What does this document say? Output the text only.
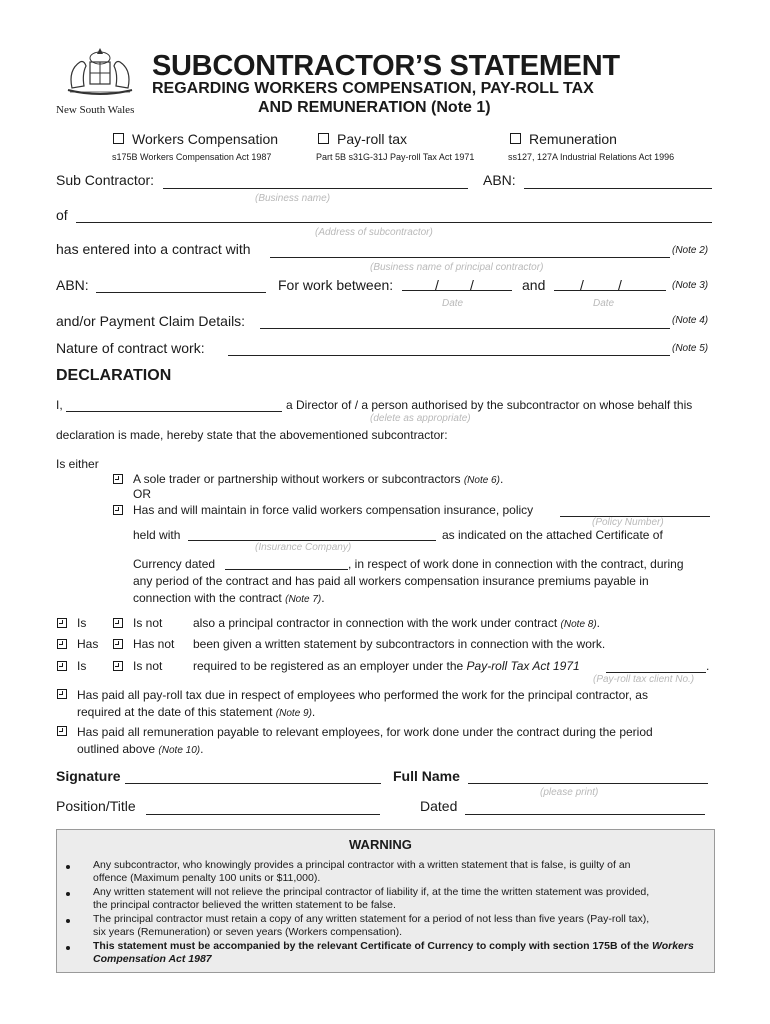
New South Wales
SUBCONTRACTOR’S STATEMENT
REGARDING WORKERS COMPENSATION, PAY-ROLL TAX
AND REMUNERATION (Note 1)
Workers Compensation
s175B Workers Compensation Act 1987
Pay-roll tax
Part 5B s31G-31J Pay-roll Tax Act 1971
Remuneration
ss127, 127A Industrial Relations Act 1996
Sub Contractor:	ABN:
(Business name)
of
(Address of subcontractor)
has entered into a contract with	(Note 2)
(Business name of principal contractor)
ABN:	For work between:	/ /	and / /	(Note 3)
Date	Date
and/or Payment Claim Details:	(Note 4)
Nature of contract work:	(Note 5)
DECLARATION
I,	a Director of / a person authorised by the subcontractor on whose behalf this
(delete as appropriate)
declaration is made, hereby state that the abovementioned subcontractor:
Is either
A sole trader or partnership without workers or subcontractors (Note 6).
OR
Has and will maintain in force valid workers compensation insurance, policy
(Policy Number)
held with	as indicated on the attached Certificate of
(Insurance Company)
Currency dated	, in respect of work done in connection with the contract, during
any period of the contract and has paid all workers compensation insurance premiums payable in
connection with the contract (Note 7).
Is	Is not	also a principal contractor in connection with the work under contract (Note 8).
Has	Has not been given a written statement by subcontractors in connection with the work.
Is	Is not	required to be registered as an employer under the Pay-roll Tax Act 1971	.
(Pay-roll tax client No.)
Has paid all pay-roll tax due in respect of employees who performed the work for the principal contractor, as
required at the date of this statement (Note 9).
Has paid all remuneration payable to relevant employees, for work done under the contract during the period
outlined above (Note 10).
Signature	Full Name
(please print)
Position/Title	Dated
WARNING
Any subcontractor, who knowingly provides a principal contractor with a written statement that is false, is guilty of an
offence (Maximum penalty 100 units or $11,000).
Any written statement will not relieve the principal contractor of liability if, at the time the written statement was provided,
the principal contractor believed the written statement to be false.
The principal contractor must retain a copy of any written statement for a period of not less than five years (Pay-roll tax),
six years (Remuneration) or seven years (Workers compensation).
This statement must be accompanied by the relevant Certificate of Currency to comply with section 175B of the Workers
Compensation Act 1987
